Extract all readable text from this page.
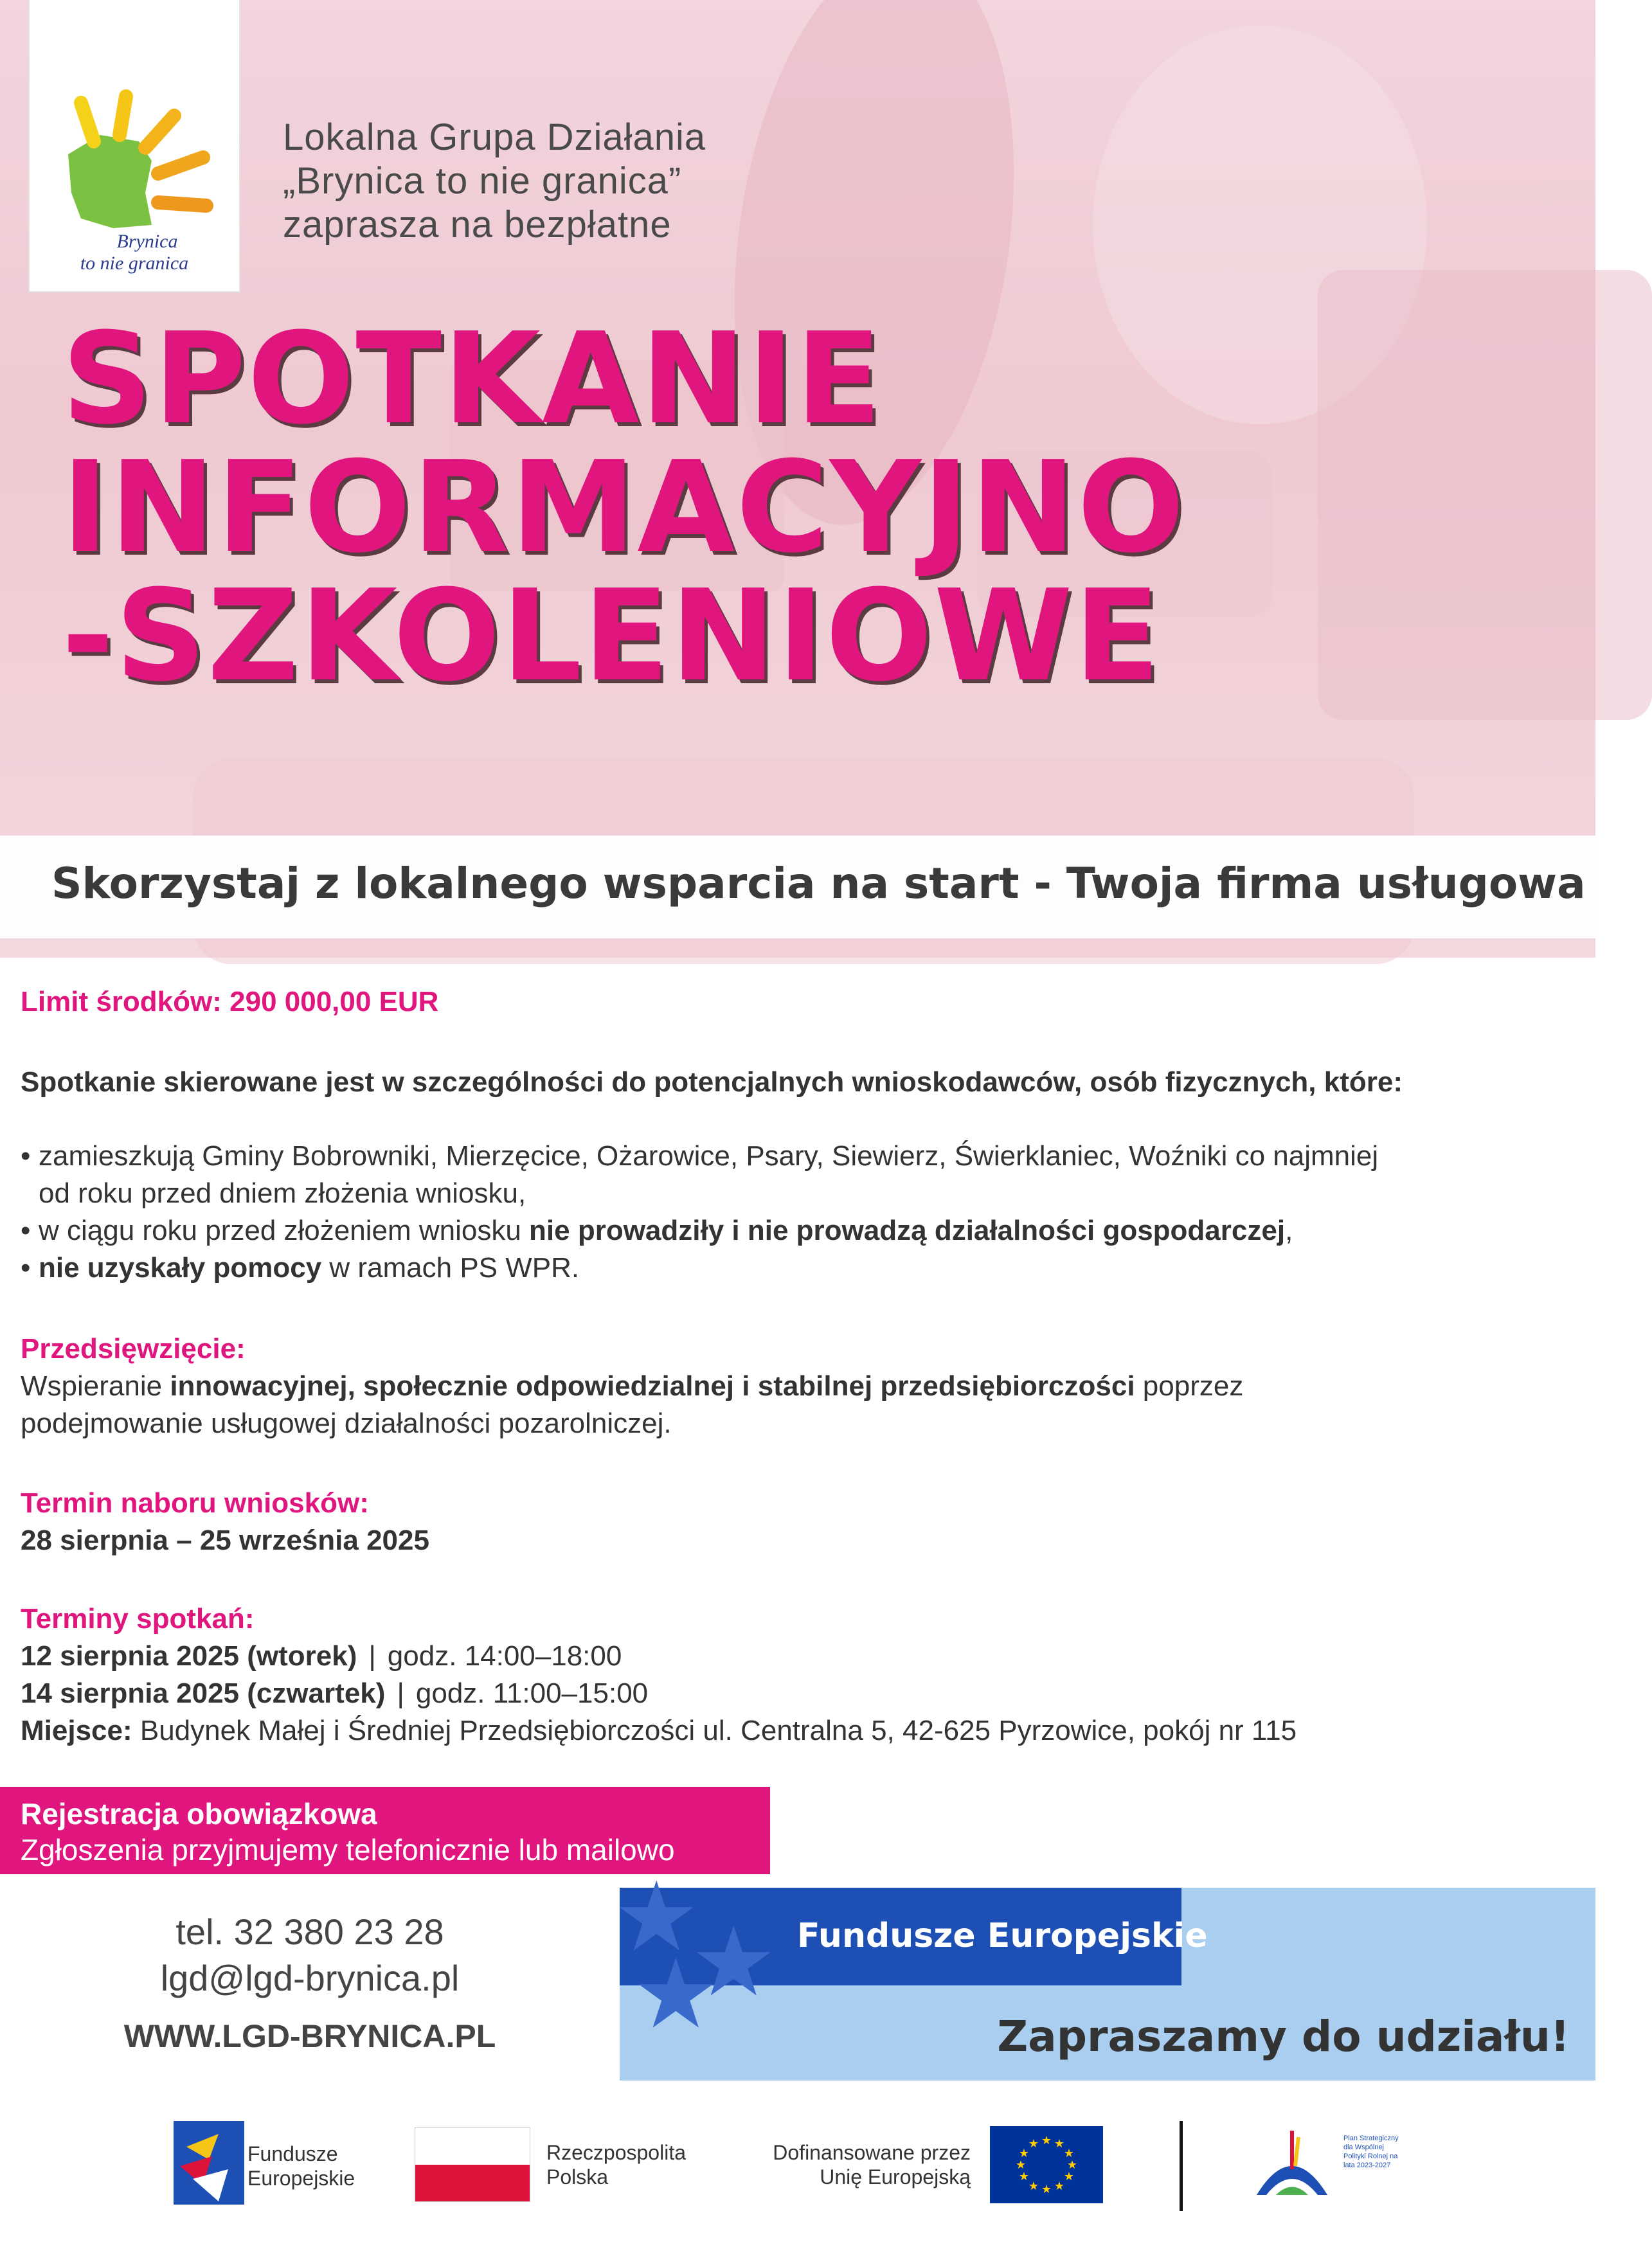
Brynica
to nie granica
Lokalna Grupa Działania
„Brynica to nie granica”
zaprasza na bezpłatne
SPOTKANIE
INFORMACYJNO
-SZKOLENIOWE
Skorzystaj z lokalnego wsparcia na start - Twoja firma usługowa
Limit środków: 290 000,00 EUR
Spotkanie skierowane jest w szczególności do potencjalnych wnioskodawców, osób fizycznych, które:
• zamieszkują Gminy Bobrowniki, Mierzęcice, Ożarowice, Psary, Siewierz, Świerklaniec, Woźniki co najmniej
od roku przed dniem złożenia wniosku,
• w ciągu roku przed złożeniem wniosku nie prowadziły i nie prowadzą działalności gospodarczej,
• nie uzyskały pomocy w ramach PS WPR.
Przedsięwzięcie:
Wspieranie innowacyjnej, społecznie odpowiedzialnej i stabilnej przedsiębiorczości poprzez
podejmowanie usługowej działalności pozarolniczej.
Termin naboru wniosków:
28 sierpnia – 25 września 2025
Terminy spotkań:
12 sierpnia 2025 (wtorek) | godz. 14:00–18:00
14 sierpnia 2025 (czwartek) | godz. 11:00–15:00
Miejsce: Budynek Małej i Średniej Przedsiębiorczości ul. Centralna 5, 42-625 Pyrzowice, pokój nr 115
Rejestracja obowiązkowa
Zgłoszenia przyjmujemy telefonicznie lub mailowo
tel. 32 380 23 28
lgd@lgd-brynica.pl
WWW.LGD-BRYNICA.PL
★
★
★
Fundusze Europejskie
Zapraszamy do udziału!
Fundusze
Europejskie
Rzeczpospolita
Polska
Dofinansowane przez
Unię Europejską
★ ★
★
★
★
★
★
★
★
★
★
★	Plan Strategiczny dla Wspólnej Polityki Rolnej na lata 2023-2027
